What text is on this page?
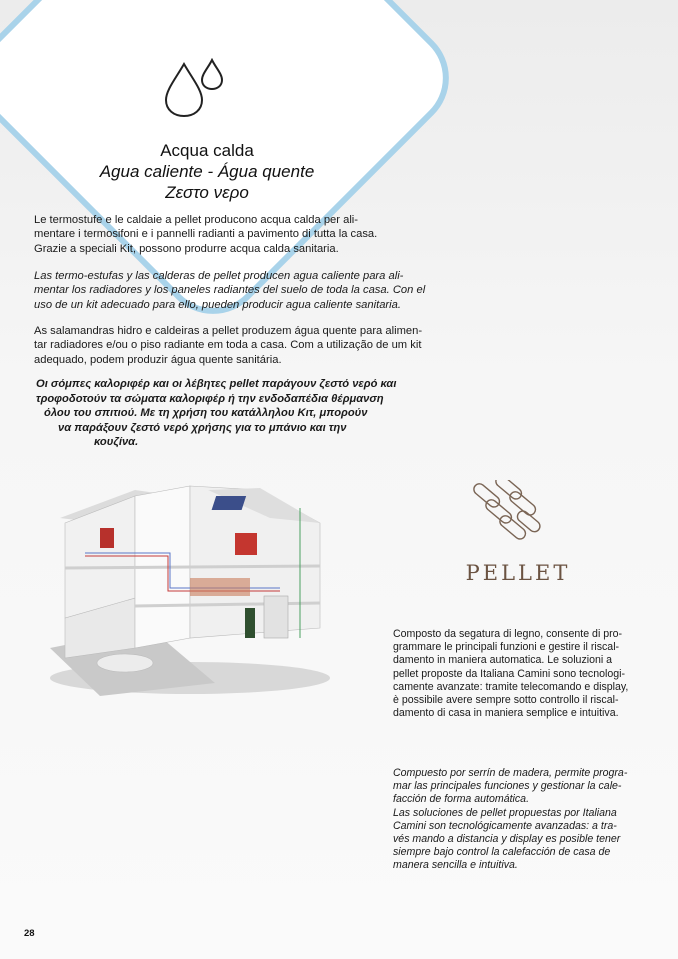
Acqua calda
Agua caliente - Água quente
Ζεστο νερο
Le termostufe e le caldaie a pellet producono acqua calda per ali-
mentare i termosifoni e i pannelli radianti a pavimento di tutta la casa.
Grazie a speciali Kit, possono produrre acqua calda sanitaria.
Las termo-estufas y las calderas de pellet producen agua caliente para ali-
mentar los radiadores y los paneles radiantes del suelo de toda la casa. Con el
uso de un kit adecuado para ello, pueden producir agua caliente sanitaria.
As salamandras hidro e caldeiras a pellet produzem água quente para alimen-
tar radiadores e/ou o piso radiante em toda a casa. Com a utilização de um kit
adequado, podem produzir água quente sanitária.
Οι σόμπες καλοριφέρ και οι λέβητες pellet παράγουν ζεστό νερό και
τροφοδοτούν τα σώματα καλοριφέρ ή την ενδοδαπέδια θέρμανση
όλου του σπιτιού. Με τη χρήση του κατάλληλου Κιτ, μπορούν
να παράξουν ζεστό νερό χρήσης για το μπάνιο και την
κουζίνα.
PELLET
Composto da segatura di legno, consente di pro-
grammare le principali funzioni e gestire il riscal-
damento in maniera automatica. Le soluzioni a
pellet proposte da Italiana Camini sono tecnologi-
camente avanzate: tramite telecomando e display,
è possibile avere sempre sotto controllo il riscal-
damento di casa in maniera semplice e intuitiva.
Compuesto por serrín de madera, permite progra-
mar las principales funciones y gestionar la cale-
facción de forma automática.
Las soluciones de pellet propuestas por Italiana
Camini son tecnológicamente avanzadas: a tra-
vés mando a distancia y display es posible tener
siempre bajo control la calefacción de casa de
manera sencilla e intuitiva.
28
